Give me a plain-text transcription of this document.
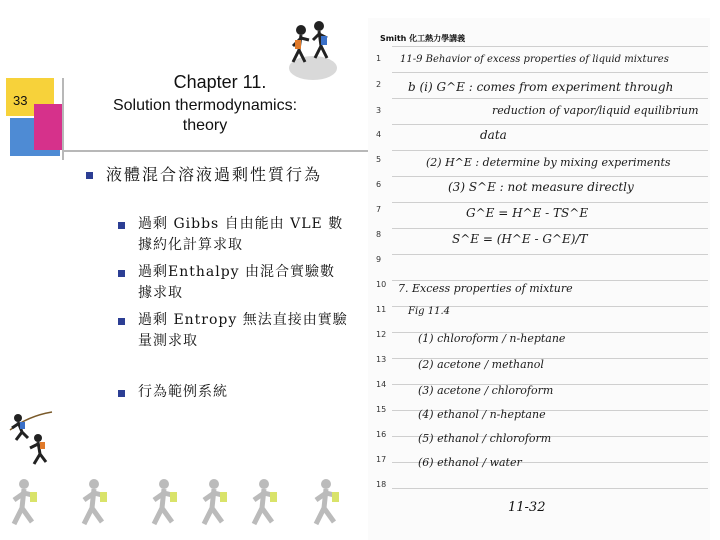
33
Chapter 11.
Solution thermodynamics:
theory
液體混合溶液過剩性質行為
過剩 Gibbs 自由能由 VLE 數據約化計算求取
過剩Enthalpy 由混合實驗數據求取
過剩 Entropy 無法直接由實驗量測求取
行為範例系統
Smith 化工熱力學講義
1
2
3
4
5
6
7
8
9
10
11
12
13
14
15
16
17
18
11-9 Behavior of excess properties of liquid mixtures
b (i) G^E : comes from experiment through
reduction of vapor/liquid equilibrium
data
(2) H^E : determine by mixing experiments
(3) S^E : not measure directly
G^E = H^E - TS^E
S^E = (H^E - G^E)/T
7. Excess properties of mixture
Fig 11.4
(1) chloroform / n-heptane
(2) acetone / methanol
(3) acetone / chloroform
(4) ethanol / n-heptane
(5) ethanol / chloroform
(6) ethanol / water
11-32
